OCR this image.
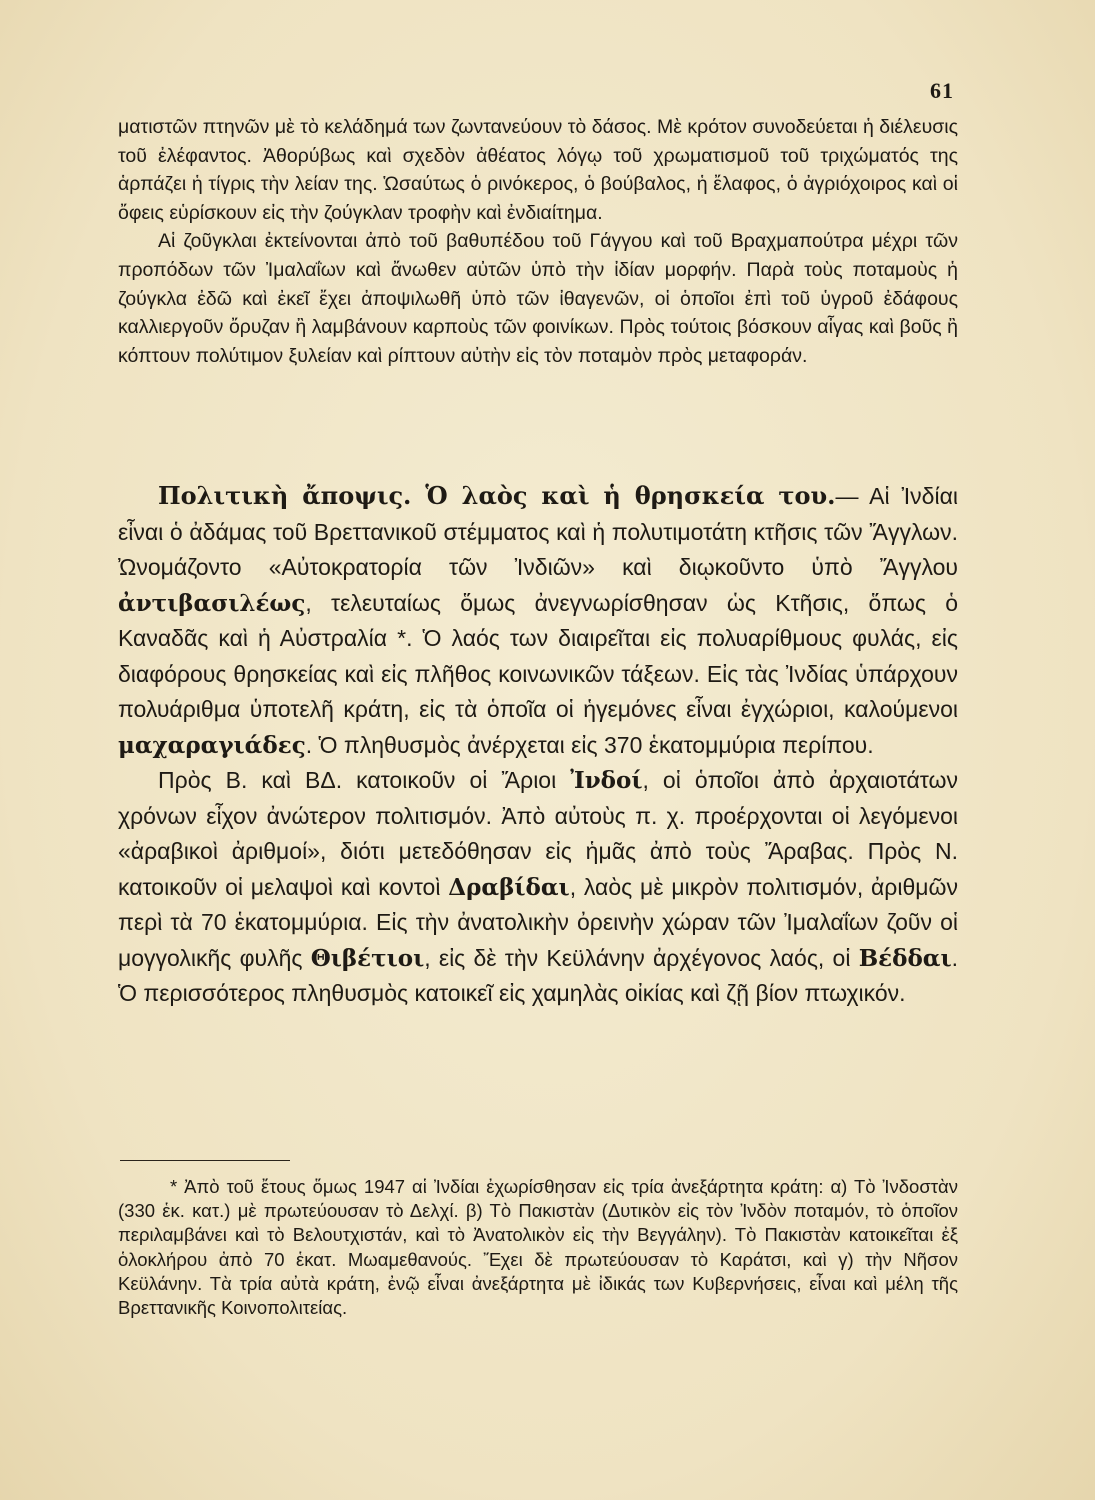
61

ματιστῶν πτηνῶν μὲ τὸ κελάδημά των ζωντανεύουν τὸ δάσος. Μὲ κρότον συνοδεύεται ἡ διέλευσις τοῦ ἐλέφαντος. Ἀθορύβως καὶ σχεδὸν ἀθέατος λόγῳ τοῦ χρωματισμοῦ τοῦ τριχώματός της ἁρπάζει ἡ τίγρις τὴν λείαν της. Ὡσαύτως ὁ ρινόκερος, ὁ βούβαλος, ἡ ἔλαφος, ὁ ἀγριόχοιρος καὶ οἱ ὄφεις εὑρίσκουν εἰς τὴν ζούγκλαν τροφὴν καὶ ἐνδιαίτημα.

Αἱ ζοῦγκλαι ἐκτείνονται ἀπὸ τοῦ βαθυπέδου τοῦ Γάγγου καὶ τοῦ Βραχμαπούτρα μέχρι τῶν προπόδων τῶν Ἰμαλαΐων καὶ ἄνωθεν αὐτῶν ὑπὸ τὴν ἰδίαν μορφήν. Παρὰ τοὺς ποταμοὺς ἡ ζούγκλα ἐδῶ καὶ ἐκεῖ ἔχει ἀποψιλωθῆ ὑπὸ τῶν ἰθαγενῶν, οἱ ὁποῖοι ἐπὶ τοῦ ὑγροῦ ἐδάφους καλλιεργοῦν ὄρυζαν ἢ λαμβάνουν καρποὺς τῶν φοινίκων. Πρὸς τούτοις βόσκουν αἶγας καὶ βοῦς ἢ κόπτουν πολύτιμον ξυλείαν καὶ ρίπτουν αὐτὴν εἰς τὸν ποταμὸν πρὸς μεταφοράν.

Πολιτικὴ ἄποψις. Ὁ λαὸς καὶ ἡ θρησκεία του.— Αἱ Ἰνδίαι εἶναι ὁ ἀδάμας τοῦ Βρεττανικοῦ στέμματος καὶ ἡ πολυτιμοτάτη κτῆσις τῶν Ἄγγλων. Ὠνομάζοντο «Αὐτοκρατορία τῶν Ἰνδιῶν» καὶ διῳκοῦντο ὑπὸ Ἄγγλου ἀντιβασιλέως, τελευταίως ὅμως ἀνεγνωρίσθησαν ὡς Κτῆσις, ὅπως ὁ Καναδᾶς καὶ ἡ Αὐστραλία *. Ὁ λαός των διαιρεῖται εἰς πολυαρίθμους φυλάς, εἰς διαφόρους θρησκείας καὶ εἰς πλῆθος κοινωνικῶν τάξεων. Εἰς τὰς Ἰνδίας ὑπάρχουν πολυάριθμα ὑποτελῆ κράτη, εἰς τὰ ὁποῖα οἱ ἡγεμόνες εἶναι ἐγχώριοι, καλούμενοι μαχαραγιάδες. Ὁ πληθυσμὸς ἀνέρχεται εἰς 370 ἑκατομμύρια περίπου.

Πρὸς Β. καὶ ΒΔ. κατοικοῦν οἱ Ἄριοι Ἰνδοί, οἱ ὁποῖοι ἀπὸ ἀρχαιοτάτων χρόνων εἶχον ἀνώτερον πολιτισμόν. Ἀπὸ αὐτοὺς π. χ. προέρχονται οἱ λεγόμενοι «ἀραβικοὶ ἀριθμοί», διότι μετεδόθησαν εἰς ἡμᾶς ἀπὸ τοὺς Ἄραβας. Πρὸς Ν. κατοικοῦν οἱ μελαψοὶ καὶ κοντοὶ Δραβίδαι, λαὸς μὲ μικρὸν πολιτισμόν, ἀριθμῶν περὶ τὰ 70 ἑκατομμύρια. Εἰς τὴν ἀνατολικὴν ὀρεινὴν χώραν τῶν Ἰμαλαΐων ζοῦν οἱ μογγολικῆς φυλῆς Θιβέτιοι, εἰς δὲ τὴν Κεϋλάνην ἀρχέγονος λαός, οἱ Βέδδαι. Ὁ περισσότερος πληθυσμὸς κατοικεῖ εἰς χαμηλὰς οἰκίας καὶ ζῇ βίον πτωχικόν.

* Ἀπὸ τοῦ ἔτους ὅμως 1947 αἱ Ἰνδίαι ἐχωρίσθησαν εἰς τρία ἀνεξάρτητα κράτη: α) Τὸ Ἰνδοστὰν (330 ἑκ. κατ.) μὲ πρωτεύουσαν τὸ Δελχί. β) Τὸ Πακιστὰν (Δυτικὸν εἰς τὸν Ἰνδὸν ποταμόν, τὸ ὁποῖον περιλαμβάνει καὶ τὸ Βελουτχιστάν, καὶ τὸ Ἀνατολικὸν εἰς τὴν Βεγγάλην). Τὸ Πακιστὰν κατοικεῖται ἐξ ὁλοκλήρου ἀπὸ 70 ἑκατ. Μωαμεθανούς. Ἔχει δὲ πρωτεύουσαν τὸ Καράτσι, καὶ γ) τὴν Νῆσον Κεϋλάνην. Τὰ τρία αὐτὰ κράτη, ἐνῷ εἶναι ἀνεξάρτητα μὲ ἰδικάς των Κυβερνήσεις, εἶναι καὶ μέλη τῆς Βρεττανικῆς Κοινοπολιτείας.
